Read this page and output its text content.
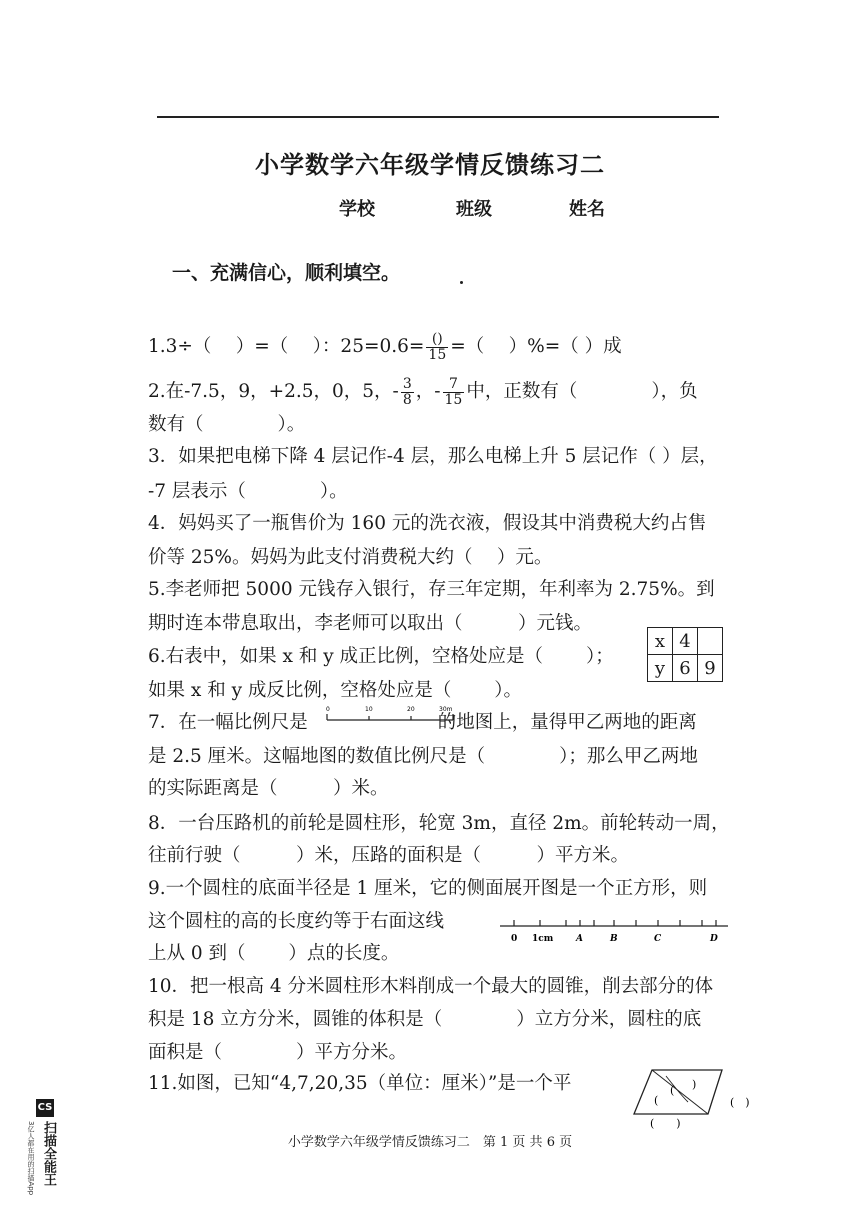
小学数学六年级学情反馈练习二
学校	班级	姓名
一、充满信心，顺利填空。
1.3÷（　 ）=（　 ）：$25=0.6= \frac{()}{15}$ =（　 ）%=（ ）成
2.在-7.5，9，+2.5，0，5，- $\frac{3}{8}$ ，- $\frac{7}{15}$ 中，正数有（　　　　），负
数有（　　　　）。
3．如果把电梯下降 4 层记作-4 层，那么电梯上升 5 层记作（ ）层，
-7 层表示（　　　　）。
4．妈妈买了一瓶售价为 160 元的洗衣液，假设其中消费税大约占售
价等 25%。妈妈为此支付消费税大约（　 ）元。
5.李老师把 5000 元钱存入银行，存三年定期，年利率为 2.75%。到
期时连本带息取出，李老师可以取出（　　　）元钱。
6.右表中，如果 x 和 y 成正比例，空格处应是（　　 ）；
如果 x 和 y 成反比例，空格处应是（　　 ）。
x	4	
y	6	9
7．在一幅比例尺是	的地图上，量得甲乙两地的距离
0	10	20	30m
是 2.5 厘米。这幅地图的数值比例尺是（　　　　）；那么甲乙两地
的实际距离是（　　　）米。
8．一台压路机的前轮是圆柱形，轮宽 3m，直径 2m。前轮转动一周，
往前行驶（　　　）米，压路的面积是（　　　）平方米。
9.一个圆柱的底面半径是 1 厘米，它的侧面展开图是一个正方形，则
这个圆柱的高的长度约等于右面这线
上从 0 到（　　 ）点的长度。
0 1cm	A	B	C	D
10．把一根高 4 分米圆柱形木料削成一个最大的圆锥，削去部分的体
积是 18 立方分米，圆锥的体积是（　　　　）立方分米，圆柱的底
面积是（　　　　）平方分米。
11.如图，已知“4,7,20,35（单位：厘米）”是一个平	(
(
)
(　)
(　　)
小学数学六年级学情反馈练习二　第 1 页 共 6 页
CS
扫描全能王
3亿人都在用的扫描App
